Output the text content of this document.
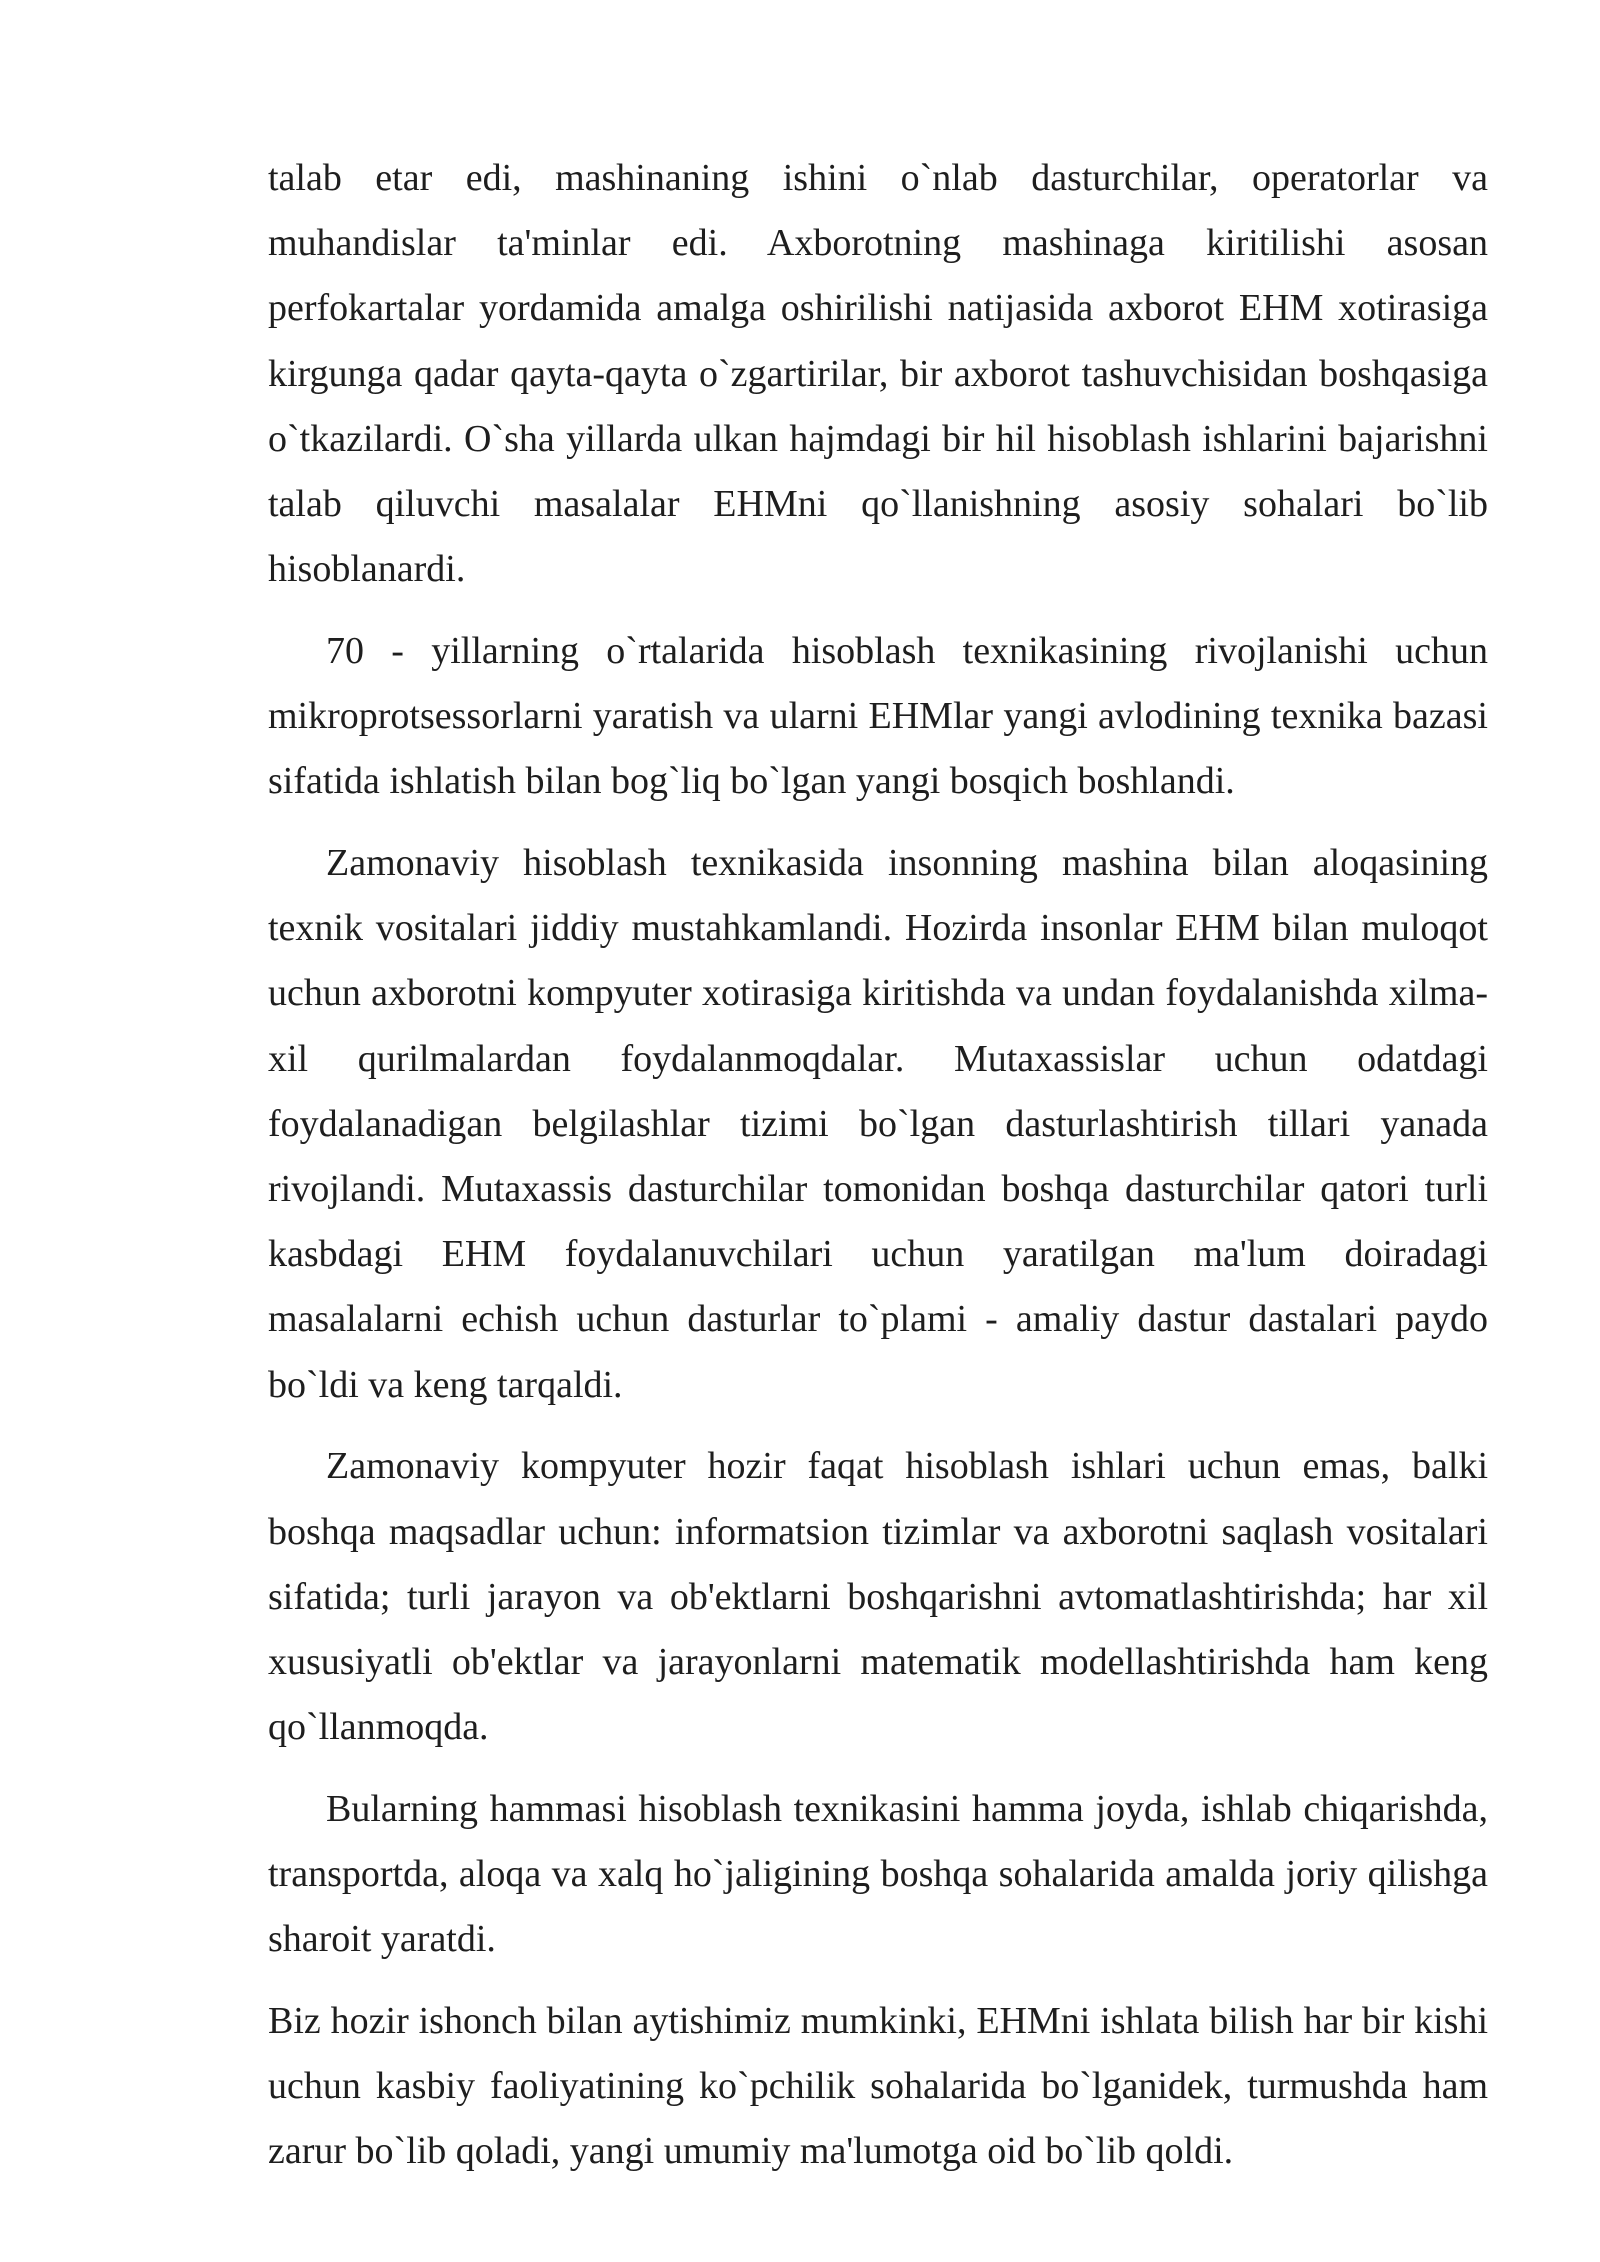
talab etar edi, mashinaning ishini o`nlab dasturchilar, operatorlar va muhandislar ta'minlar edi. Axborotning mashinaga kiritilishi asosan perfokartalar yordamida amalga oshirilishi natijasida axborot EHM xotirasiga kirgunga qadar qayta-qayta o`zgartirilar, bir axborot tashuvchisidan boshqasiga o`tkazilardi. O`sha yillarda ulkan hajmdagi bir hil hisoblash ishlarini bajarishni talab qiluvchi masalalar EHMni qo`llanishning asosiy sohalari bo`lib hisoblanardi.

70 - yillarning o`rtalarida hisoblash texnikasining rivojlanishi uchun mikroprotsessorlarni yaratish va ularni EHMlar yangi avlodining texnika bazasi sifatida ishlatish bilan bog`liq bo`lgan yangi bosqich boshlandi.

Zamonaviy hisoblash texnikasida insonning mashina bilan aloqasining texnik vositalari jiddiy mustahkamlandi. Hozirda insonlar EHM bilan muloqot uchun axborotni kompyuter xotirasiga kiritishda va undan foydalanishda xilma-xil qurilmalardan foydalanmoqdalar. Mutaxassislar uchun odatdagi foydalanadigan belgilashlar tizimi bo`lgan dasturlashtirish tillari yanada rivojlandi. Mutaxassis dasturchilar tomonidan boshqa dasturchilar qatori turli kasbdagi EHM foydalanuvchilari uchun yaratilgan ma'lum doiradagi masalalarni echish uchun dasturlar to`plami - amaliy dastur dastalari paydo bo`ldi va keng tarqaldi.

Zamonaviy kompyuter hozir faqat hisoblash ishlari uchun emas, balki boshqa maqsadlar uchun: informatsion tizimlar va axborotni saqlash vositalari sifatida; turli jarayon va ob'ektlarni boshqarishni avtomatlashtirishda; har xil xususiyatli ob'ektlar va jarayonlarni matematik modellashtirishda ham keng qo`llanmoqda.

Bularning hammasi hisoblash texnikasini hamma joyda, ishlab chiqarishda, transportda, aloqa va xalq ho`jaligining boshqa sohalarida amalda joriy qilishga sharoit yaratdi.

Biz hozir ishonch bilan aytishimiz mumkinki, EHMni ishlata bilish har bir kishi uchun kasbiy faoliyatining ko`pchilik sohalarida bo`lganidek, turmushda ham zarur bo`lib qoladi, yangi umumiy ma'lumotga oid bo`lib qoldi.
